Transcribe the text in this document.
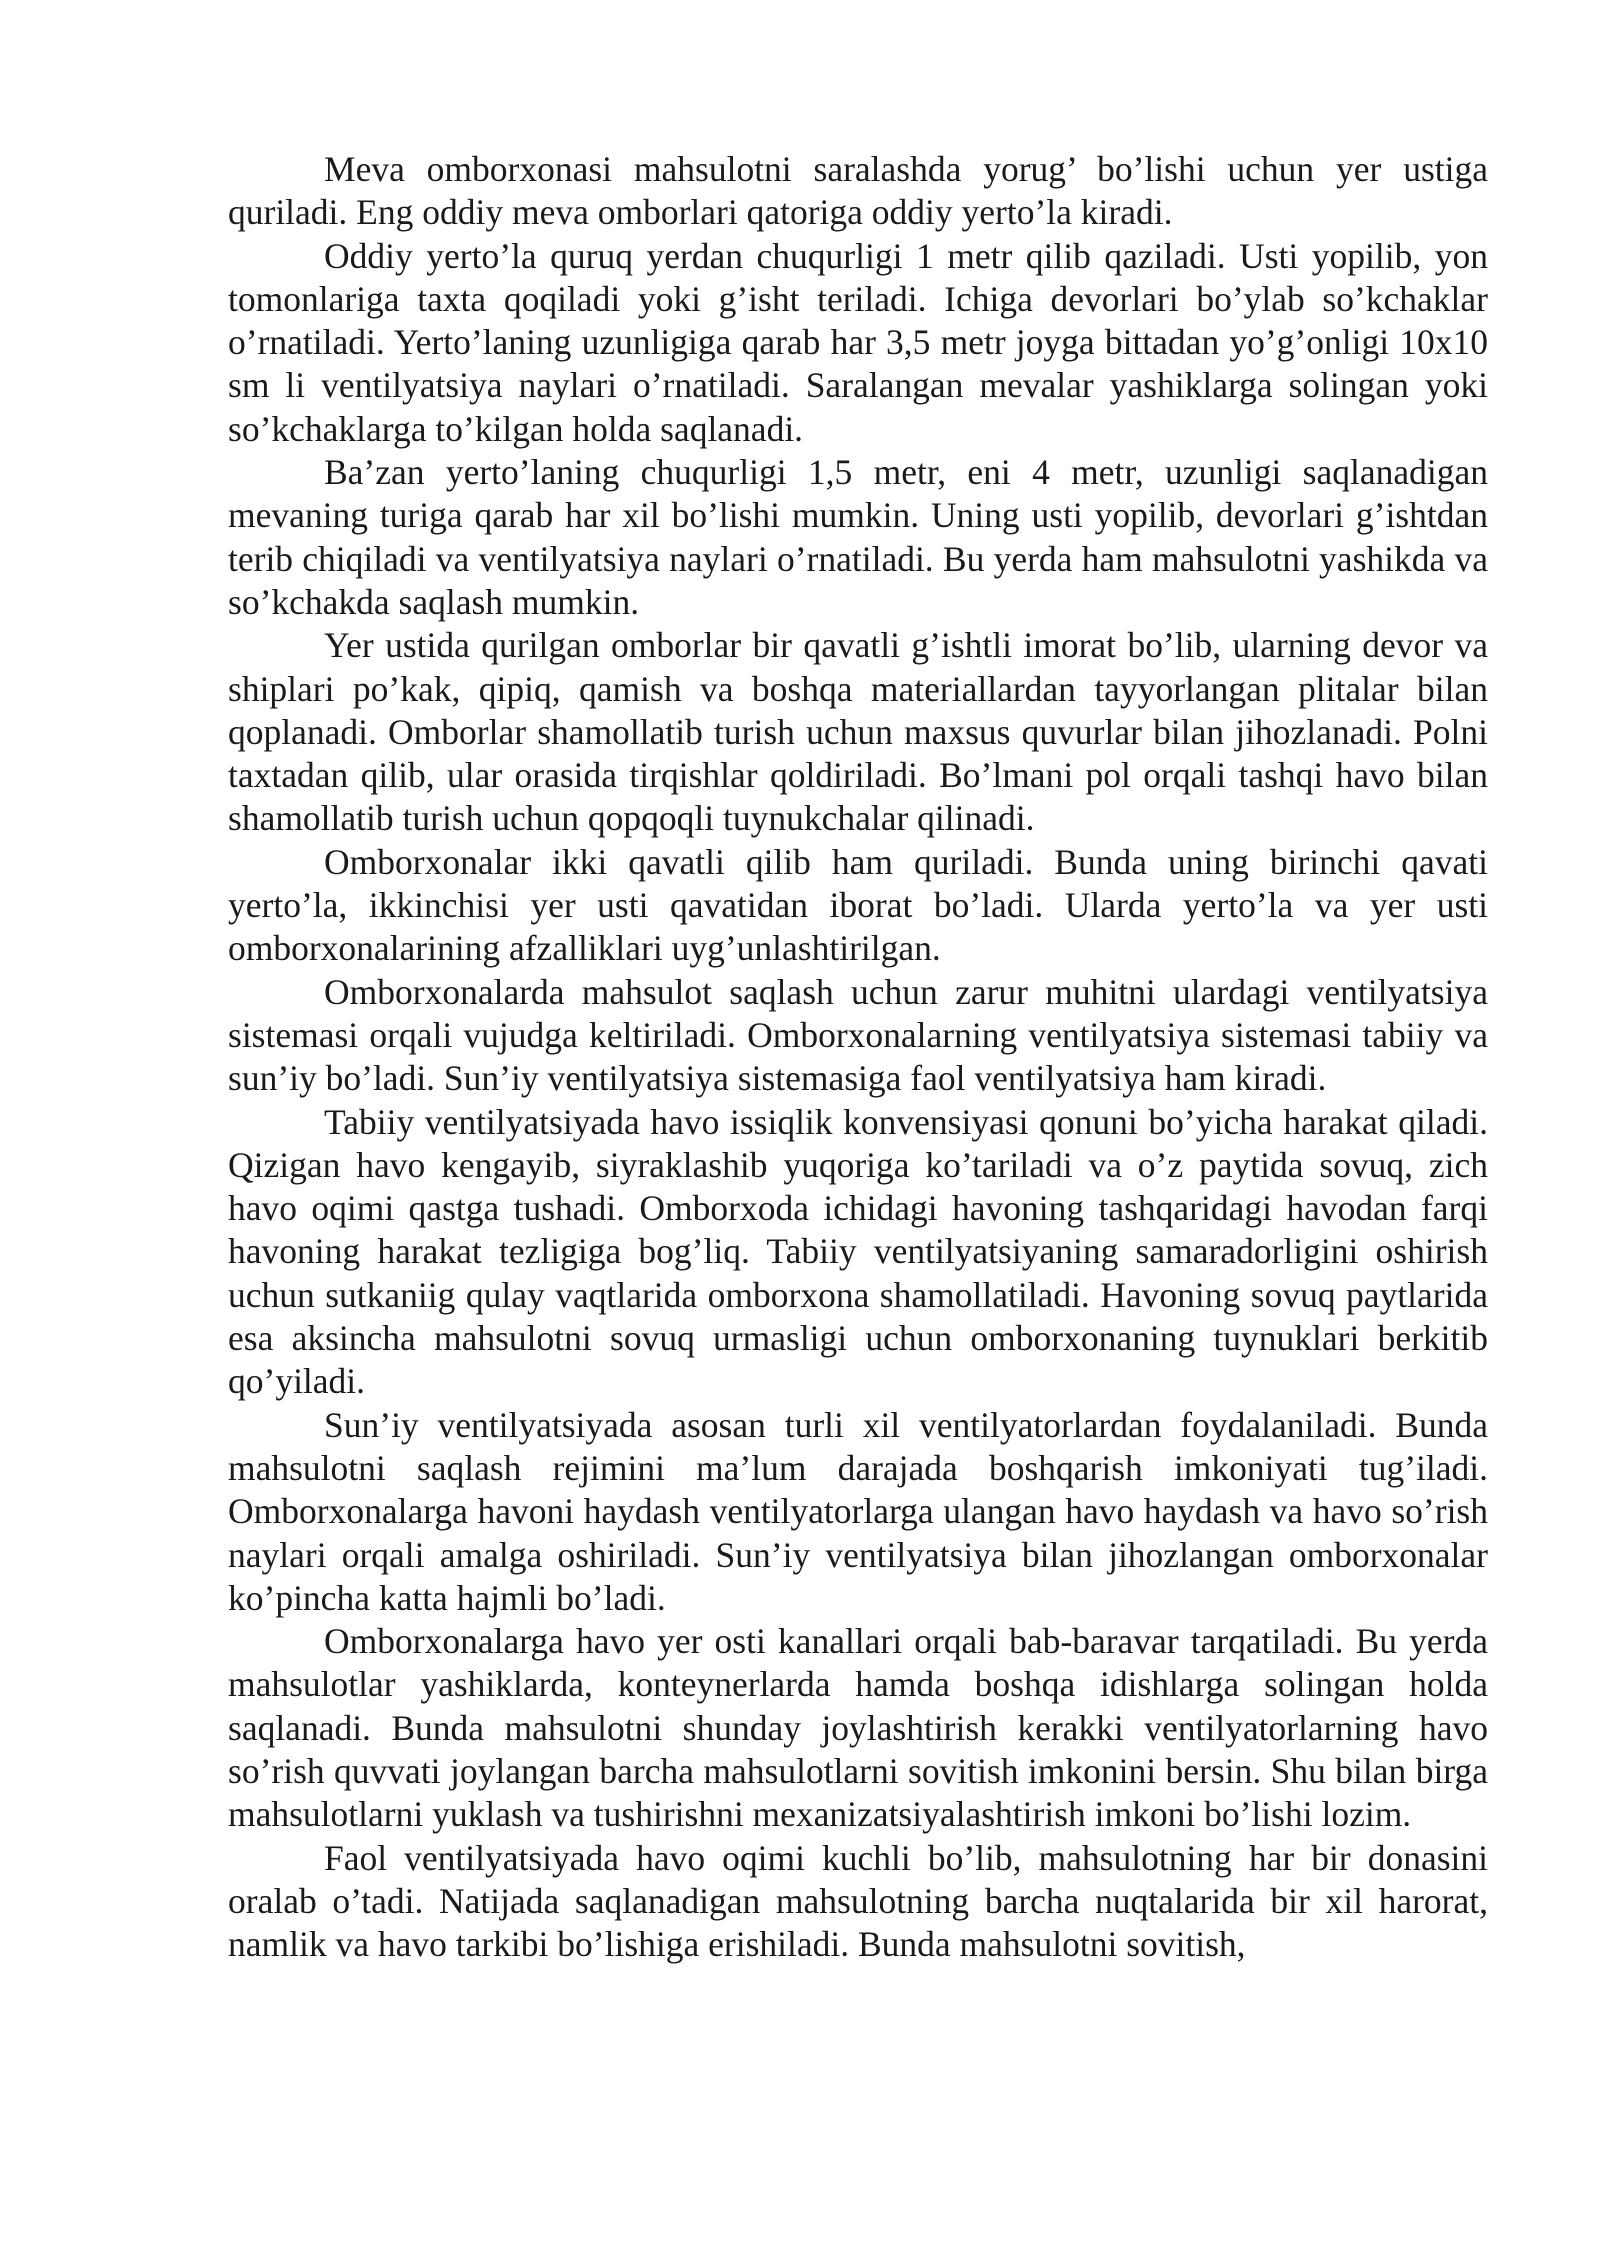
Meva omborxonasi mahsulotni saralashda yorug’ bo’lishi uchun yer ustiga quriladi. Eng oddiy meva omborlari qatoriga oddiy yerto’la kiradi.

Oddiy yerto’la quruq yerdan chuqurligi 1 metr qilib qaziladi. Usti yopilib, yon tomonlariga taxta qoqiladi yoki g’isht teriladi. Ichiga devorlari bo’ylab so’kchaklar o’rnatiladi. Yerto’laning uzunligiga qarab har 3,5 metr joyga bittadan yo’g’onligi 10x10 sm li ventilyatsiya naylari o’rnatiladi. Saralangan mevalar yashiklarga solingan yoki so’kchaklarga to’kilgan holda saqlanadi.

Ba’zan yerto’laning chuqurligi 1,5 metr, eni 4 metr, uzunligi saqlanadigan mevaning turiga qarab har xil bo’lishi mumkin. Uning usti yopilib, devorlari g’ishtdan terib chiqiladi va ventilyatsiya naylari o’rnatiladi. Bu yerda ham mahsulotni yashikda va so’kchakda saqlash mumkin.

Yer ustida qurilgan omborlar bir qavatli g’ishtli imorat bo’lib, ularning devor va shiplari po’kak, qipiq, qamish va boshqa materiallardan tayyorlangan plitalar bilan qoplanadi. Omborlar shamollatib turish uchun maxsus quvurlar bilan jihozlanadi. Polni taxtadan qilib, ular orasida tirqishlar qoldiriladi. Bo’lmani pol orqali tashqi havo bilan shamollatib turish uchun qopqoqli tuynukchalar qilinadi.

Omborxonalar ikki qavatli qilib ham quriladi. Bunda uning birinchi qavati yerto’la, ikkinchisi yer usti qavatidan iborat bo’ladi. Ularda yerto’la va yer usti omborxonalarining afzalliklari uyg’unlashtirilgan.

Omborxonalarda mahsulot saqlash uchun zarur muhitni ulardagi ventilyatsiya sistemasi orqali vujudga keltiriladi. Omborxonalarning ventilyatsiya sistemasi tabiiy va sun’iy bo’ladi. Sun’iy ventilyatsiya sistemasiga faol ventilyatsiya ham kiradi.

Tabiiy ventilyatsiyada havo issiqlik konvensiyasi qonuni bo’yicha harakat qiladi. Qizigan havo kengayib, siyraklashib yuqoriga ko’tariladi va o’z paytida sovuq, zich havo oqimi qastga tushadi. Omborxoda ichidagi havoning tashqaridagi havodan farqi havoning harakat tezligiga bog’liq. Tabiiy ventilyatsiyaning samaradorligini oshirish uchun sutkaniig qulay vaqtlarida omborxona shamollatiladi. Havoning sovuq paytlarida esa aksincha mahsulotni sovuq urmasligi uchun omborxonaning tuynuklari berkitib qo’yiladi.

Sun’iy ventilyatsiyada asosan turli xil ventilyatorlardan foydalaniladi. Bunda mahsulotni saqlash rejimini ma’lum darajada boshqarish imkoniyati tug’iladi. Omborxonalarga havoni haydash ventilyatorlarga ulangan havo haydash va havo so’rish naylari orqali amalga oshiriladi. Sun’iy ventilyatsiya bilan jihozlangan omborxonalar ko’pincha katta hajmli bo’ladi.

Omborxonalarga havo yer osti kanallari orqali bab-baravar tarqatiladi. Bu yerda mahsulotlar yashiklarda, konteynerlarda hamda boshqa idishlarga solingan holda saqlanadi. Bunda mahsulotni shunday joylashtirish kerakki ventilyatorlarning havo so’rish quvvati joylangan barcha mahsulotlarni sovitish imkonini bersin. Shu bilan birga mahsulotlarni yuklash va tushirishni mexanizatsiyalashtirish imkoni bo’lishi lozim.

Faol ventilyatsiyada havo oqimi kuchli bo’lib, mahsulotning har bir donasini oralab o’tadi. Natijada saqlanadigan mahsulotning barcha nuqtalarida bir xil harorat, namlik va havo tarkibi bo’lishiga erishiladi. Bunda mahsulotni sovitish,
